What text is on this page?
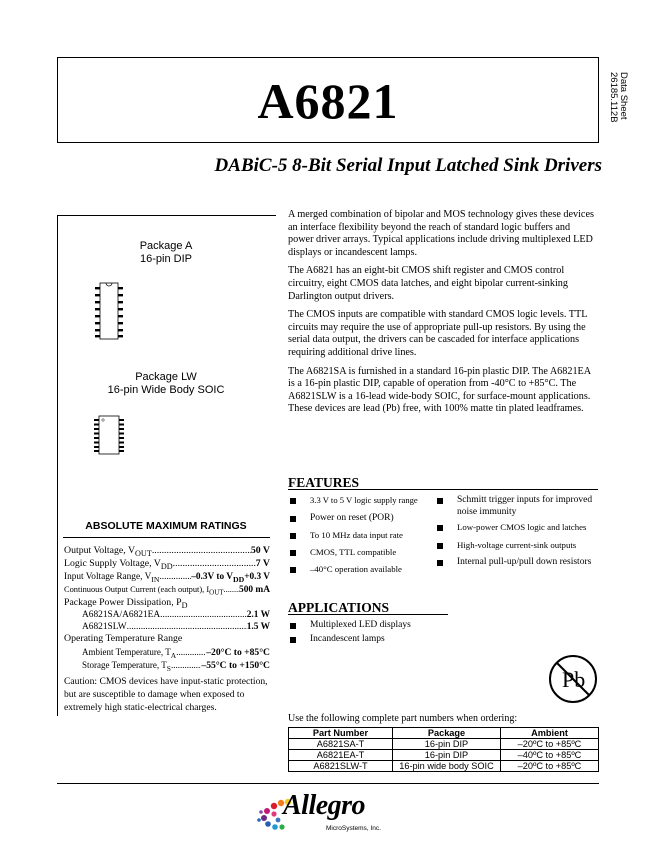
A6821	Data Sheet
26185.112B
DABiC-5 8-Bit Serial Input Latched Sink Drivers
Package A
16-pin DIP
Package LW
16-pin Wide Body SOIC
ABSOLUTE MAXIMUM RATINGS
Output Voltage, $V_{OUT}$ .....	50 V
Logic Supply Voltage, $V_{DD}$ .....	7 V
Input Voltage Range, $V_{IN}$ .....	–0.3V to $V_{DD}+0.3$ V
Continuous Output Current (each output), $I_{OUT}$ ..... 500 mA
Package Power Dissipation, $P_D$
A6821SA/A6821EA .....	2.1 W
A6821SLW .....	1.5 W
Operating Temperature Range
Ambient Temperature, $T_A$ .....	–20°C to +85°C
Storage Temperature, $T_S$ .....	–55°C to +150°C
Caution: CMOS devices have input-static protection, but are susceptible to damage when exposed to extremely high static-electrical charges.

A merged combination of bipolar and MOS technology gives these devices an interface flexibility beyond the reach of standard logic buffers and power driver arrays. Typical applications include driving multiplexed LED displays or incandescent lamps.

The A6821 has an eight-bit CMOS shift register and CMOS control circuitry, eight CMOS data latches, and eight bipolar current-sinking Darlington output drivers.

The CMOS inputs are compatible with standard CMOS logic levels. TTL circuits may require the use of appropriate pull-up resistors. By using the serial data output, the drivers can be cascaded for interface applications requiring additional drive lines.

The A6821SA is furnished in a standard 16-pin plastic DIP. The A6821EA is a 16-pin plastic DIP, capable of operation from -40°C to +85°C. The A6821SLW is a 16-lead wide-body SOIC, for surface-mount applications. These devices are lead (Pb) free, with 100% matte tin plated leadframes.

FEATURES
3.3 V to 5 V logic supply range
Power on reset (POR)
To 10 MHz data input rate
CMOS, TTL compatible
–40°C operation available
Schmitt trigger inputs for improved
noise immunity
Low-power CMOS logic and latches
High-voltage current-sink outputs
Internal pull-up/pull down resistors
APPLICATIONS
Multiplexed LED displays
Incandescent lamps
Pb
Use the following complete part numbers when ordering:
Part Number	Package	Ambient
A6821SA-T	16-pin DIP	–20ºC to +85ºC
A6821EA-T	16-pin DIP	–40ºC to +85ºC
A6821SLW-T	16-pin wide body SOIC	–20ºC to +85ºC
Allegro
MicroSystems, Inc.
